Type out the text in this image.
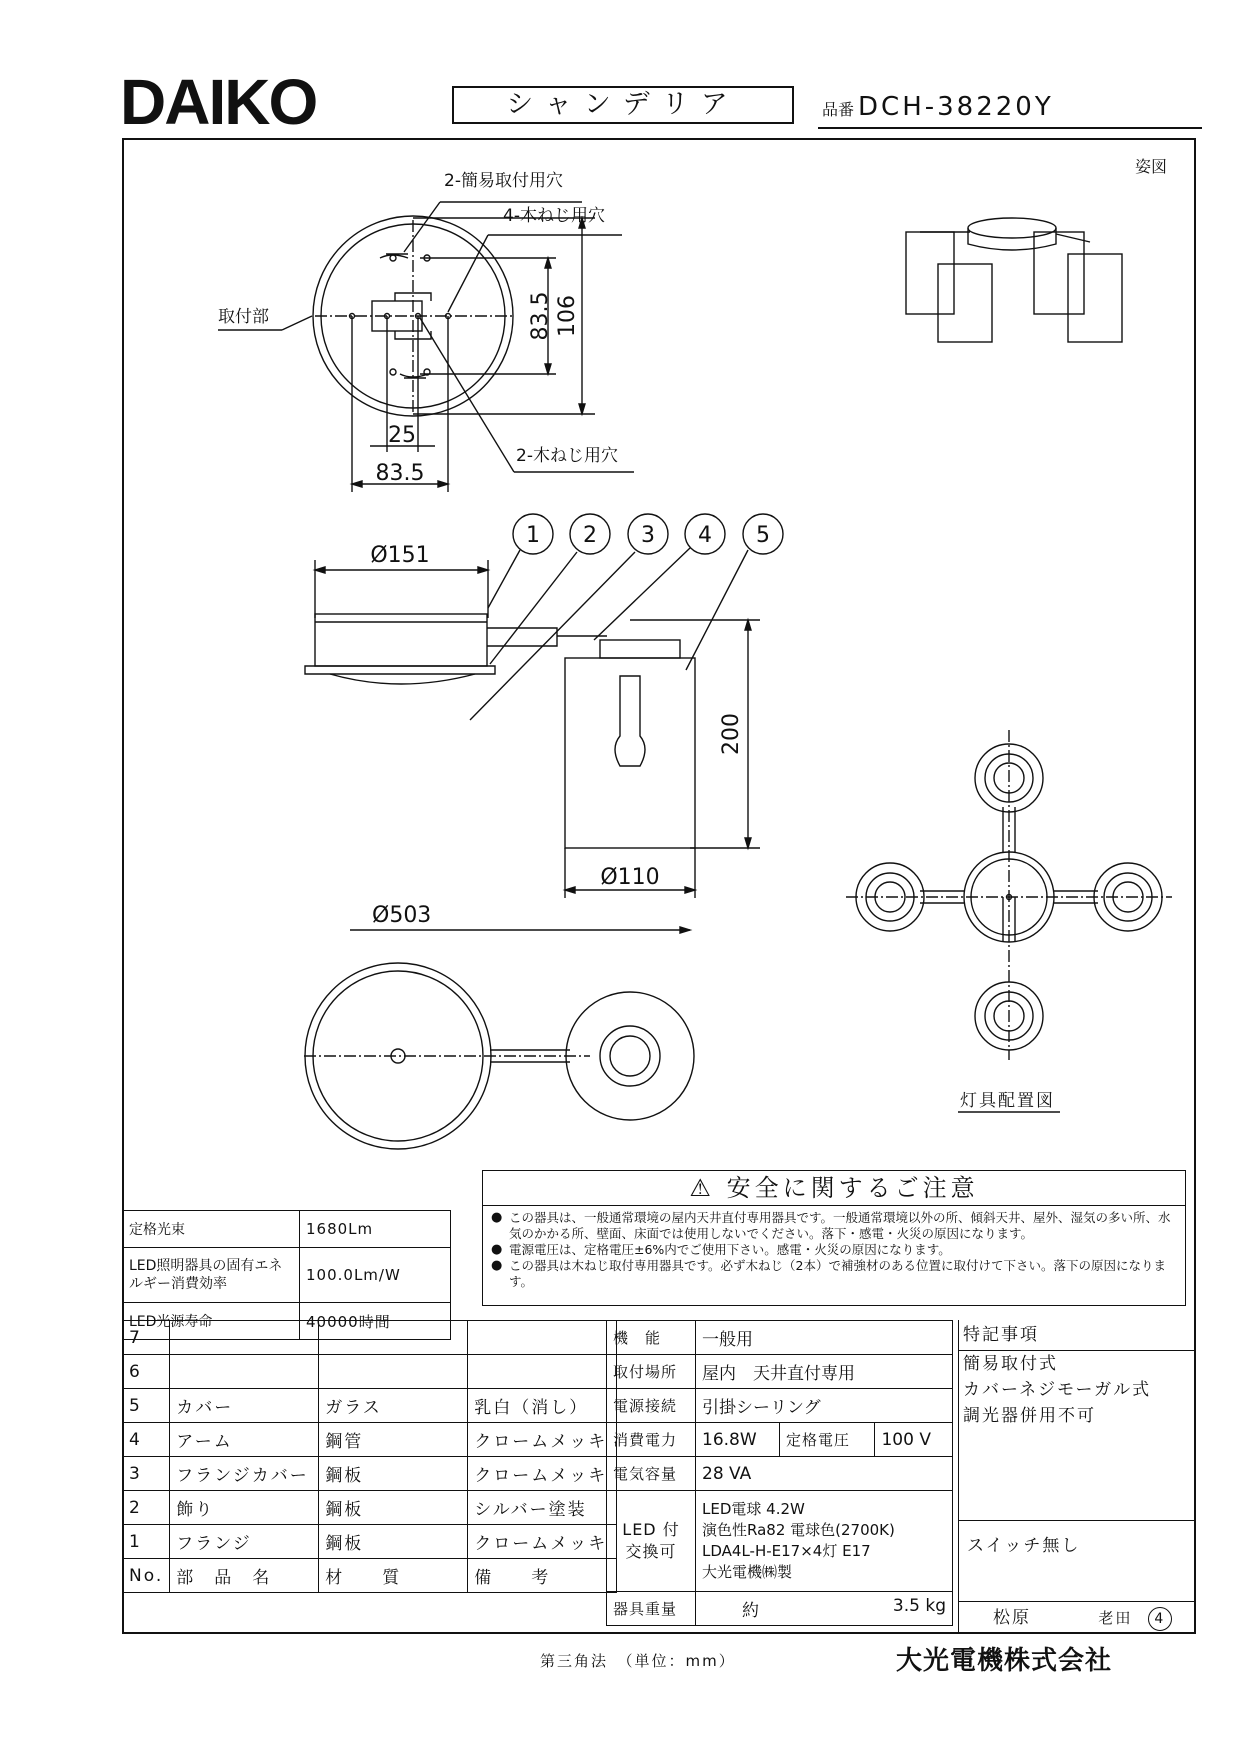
DAIKO	シャンデリア	品番 DCH-38220Y
姿図
83.5 106
25
83.5
2-簡易取付用穴
4-木ねじ用穴
取付部
2-木ねじ用穴
1 2 3 4 5
Ø151
200
Ø110
Ø503
灯具配置図
⚠ 安全に関するご注意
● この器具は、一般通常環境の屋内天井直付専用器具です。一般通常環境以外の所、傾斜天井、屋外、湿気の多い所、水気のかかる所、壁面、床面では使用しないでください。落下・感電・火災の原因になります。
● 電源電圧は、定格電圧±6%内でご使用下さい。感電・火災の原因になります。
● この器具は木ねじ取付専用器具です。必ず木ねじ（2本）で補強材のある位置に取付けて下さい。落下の原因になります。
定格光束	1680Lm
LED照明器具の固有エネルギー消費効率	100.0Lm/W
LED光源寿命	40000時間
7			
6			
5	カバー	ガラス	乳白（消し）
4	アーム	鋼管	クロームメッキ
3	フランジカバー	鋼板	クロームメッキ
2	飾り	鋼板	シルバー塗装
1	フランジ	鋼板	クロームメッキ
No.	部　品　名	材　　質	備　　考
機　能	一般用		
取付場所	屋内　天井直付専用		
電源接続	引掛シーリング		
消費電力	16.8W	定格電圧	100 V
電気容量	28 VA		
LED 付 交換可	LED電球 4.2W
演色性Ra82 電球色(2700K)
LDA4L-H-E17×4灯 E17
大光電機㈱製		

器具重量	約 3.5 kg		
特記事項
簡易取付式
カバーネジモーガル式
調光器併用不可
スイッチ無し
松原	老田 4
第三角法　（単位：mm）	大光電機株式会社
